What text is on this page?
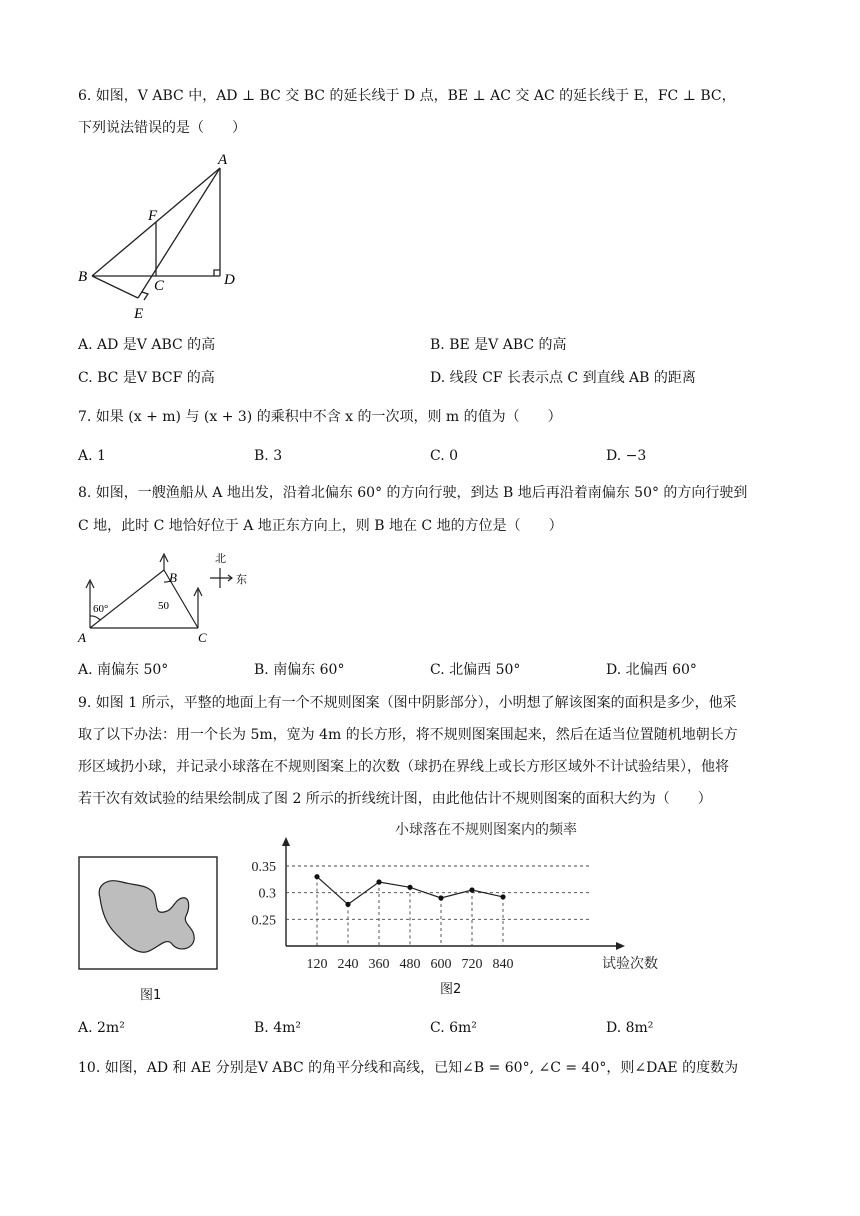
6. 如图，V ABC 中，AD ⊥ BC 交 BC 的延长线于 D 点，BE ⊥ AC 交 AC 的延长线于 E，FC ⊥ BC，
下列说法错误的是（　　）
A
F
B
C	D
E
A. AD 是V ABC 的高	B. BE 是V ABC 的高
C. BC 是V BCF 的高	D. 线段 CF 长表示点 C 到直线 AB 的距离
7. 如果 (x + m) 与 (x + 3) 的乘积中不含 x 的一次项，则 m 的值为（　　）
A. 1	B. 3	C. 0	D. −3
8. 如图，一艘渔船从 A 地出发，沿着北偏东 60° 的方向行驶，到达 B 地后再沿着南偏东 50° 的方向行驶到
C 地，此时 C 地恰好位于 A 地正东方向上，则 B 地在 C 地的方位是（　　）
A
B
C
60°	50
北
东
A. 南偏东 50°	B. 南偏东 60°	C. 北偏西 50°	D. 北偏西 60°
9. 如图 1 所示，平整的地面上有一个不规则图案（图中阴影部分），小明想了解该图案的面积是多少，他采
取了以下办法：用一个长为 5m，宽为 4m 的长方形，将不规则图案围起来，然后在适当位置随机地朝长方
形区域扔小球，并记录小球落在不规则图案上的次数（球扔在界线上或长方形区域外不计试验结果），他将
若干次有效试验的结果绘制成了图 2 所示的折线统计图，由此他估计不规则图案的面积大约为（　　）
图1
小球落在不规则图案内的频率
0.25
0.3
0.35
120 240 360 480 600 720 840	试验次数
图2
A. 2m²	B. 4m²	C. 6m²	D. 8m²
10. 如图，AD 和 AE 分别是V ABC 的角平分线和高线，已知∠B = 60°, ∠C = 40°，则∠DAE 的度数为
